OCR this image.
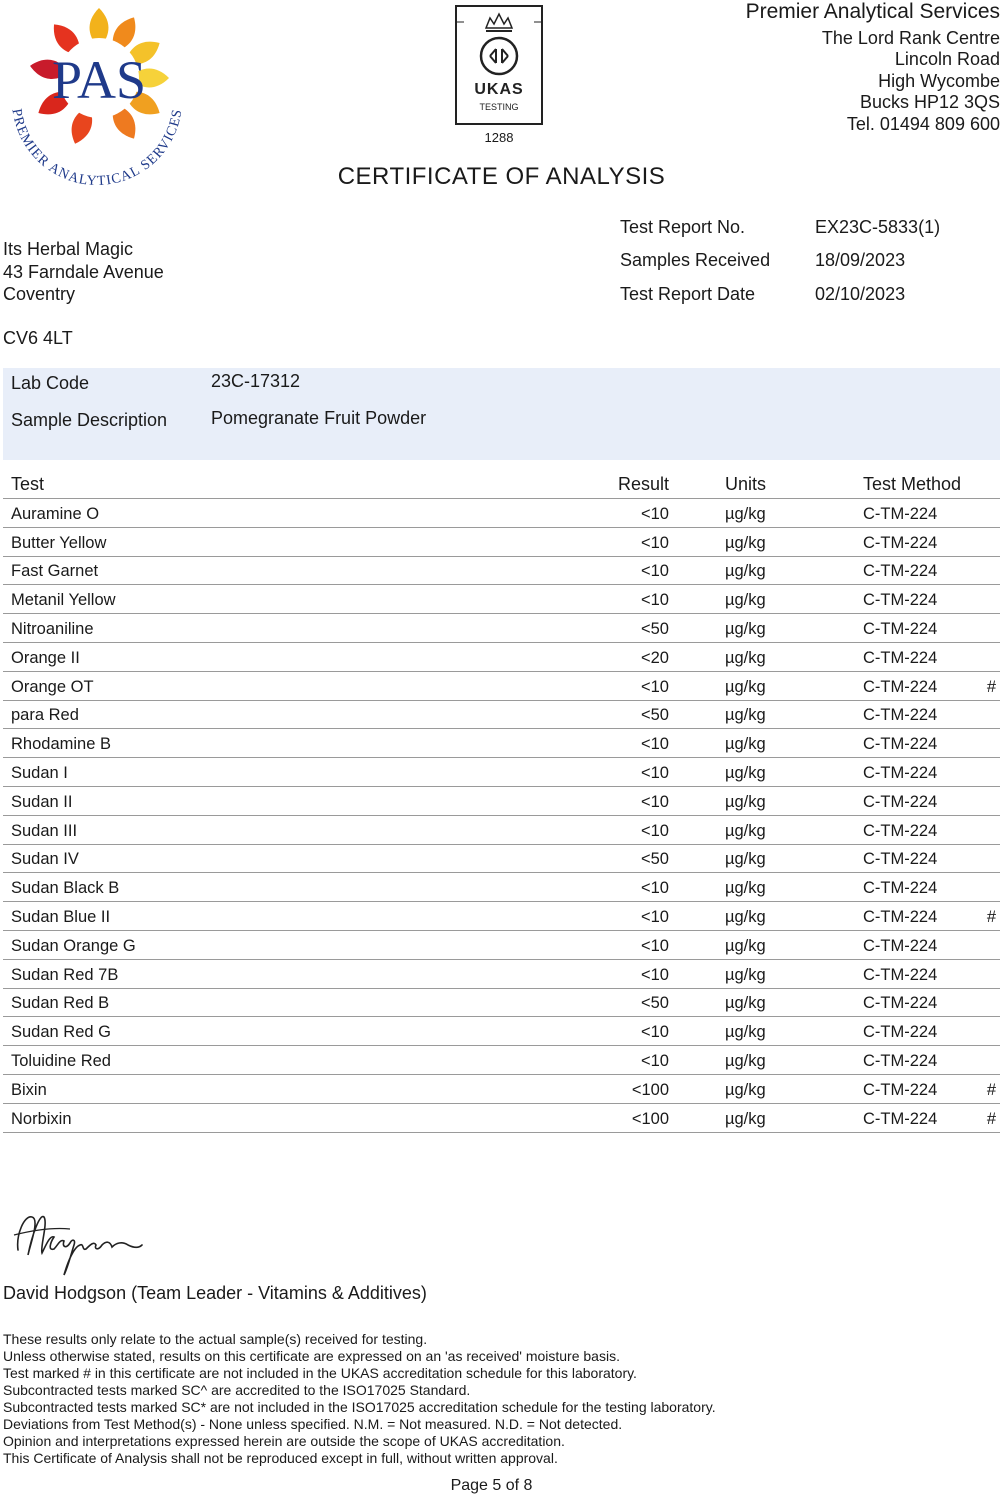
PAS
PREMIER ANALYTICAL SERVICES
UKAS
TESTING
1288
Premier Analytical Services
The Lord Rank Centre
Lincoln Road
High Wycombe
Bucks HP12 3QS
Tel. 01494 809 600
CERTIFICATE OF ANALYSIS
Its Herbal Magic
43 Farndale Avenue
Coventry
CV6 4LT
Test Report No.	EX23C-5833(1)
Samples Received 18/09/2023
Test Report Date	02/10/2023
Lab Code	23C-17312
Sample Description Pomegranate Fruit Powder
Test	Result	Units	Test Method
Auramine O	<10	µg/kg	C-TM-224
Butter Yellow	<10	µg/kg	C-TM-224
Fast Garnet	<10	µg/kg	C-TM-224
Metanil Yellow	<10	µg/kg	C-TM-224
Nitroaniline	<50	µg/kg	C-TM-224
Orange II	<20	µg/kg	C-TM-224
Orange OT	<10	µg/kg	C-TM-224	#
para Red	<50	µg/kg	C-TM-224
Rhodamine B	<10	µg/kg	C-TM-224
Sudan I	<10	µg/kg	C-TM-224
Sudan II	<10	µg/kg	C-TM-224
Sudan III	<10	µg/kg	C-TM-224
Sudan IV	<50	µg/kg	C-TM-224
Sudan Black B	<10	µg/kg	C-TM-224
Sudan Blue II	<10	µg/kg	C-TM-224	#
Sudan Orange G	<10	µg/kg	C-TM-224
Sudan Red 7B	<10	µg/kg	C-TM-224
Sudan Red B	<50	µg/kg	C-TM-224
Sudan Red G	<10	µg/kg	C-TM-224
Toluidine Red	<10	µg/kg	C-TM-224
Bixin	<100	µg/kg	C-TM-224	#
Norbixin	<100	µg/kg	C-TM-224	#
David Hodgson (Team Leader - Vitamins & Additives)
These results only relate to the actual sample(s) received for testing.
Unless otherwise stated, results on this certificate are expressed on an 'as received' moisture basis.
Test marked # in this certificate are not included in the UKAS accreditation schedule for this laboratory.
Subcontracted tests marked SC^ are accredited to the ISO17025 Standard.
Subcontracted tests marked SC* are not included in the ISO17025 accreditation schedule for the testing laboratory.
Deviations from Test Method(s) - None unless specified. N.M. = Not measured. N.D. = Not detected.
Opinion and interpretations expressed herein are outside the scope of UKAS accreditation.
This Certificate of Analysis shall not be reproduced except in full, without written approval.
Page 5 of 8
